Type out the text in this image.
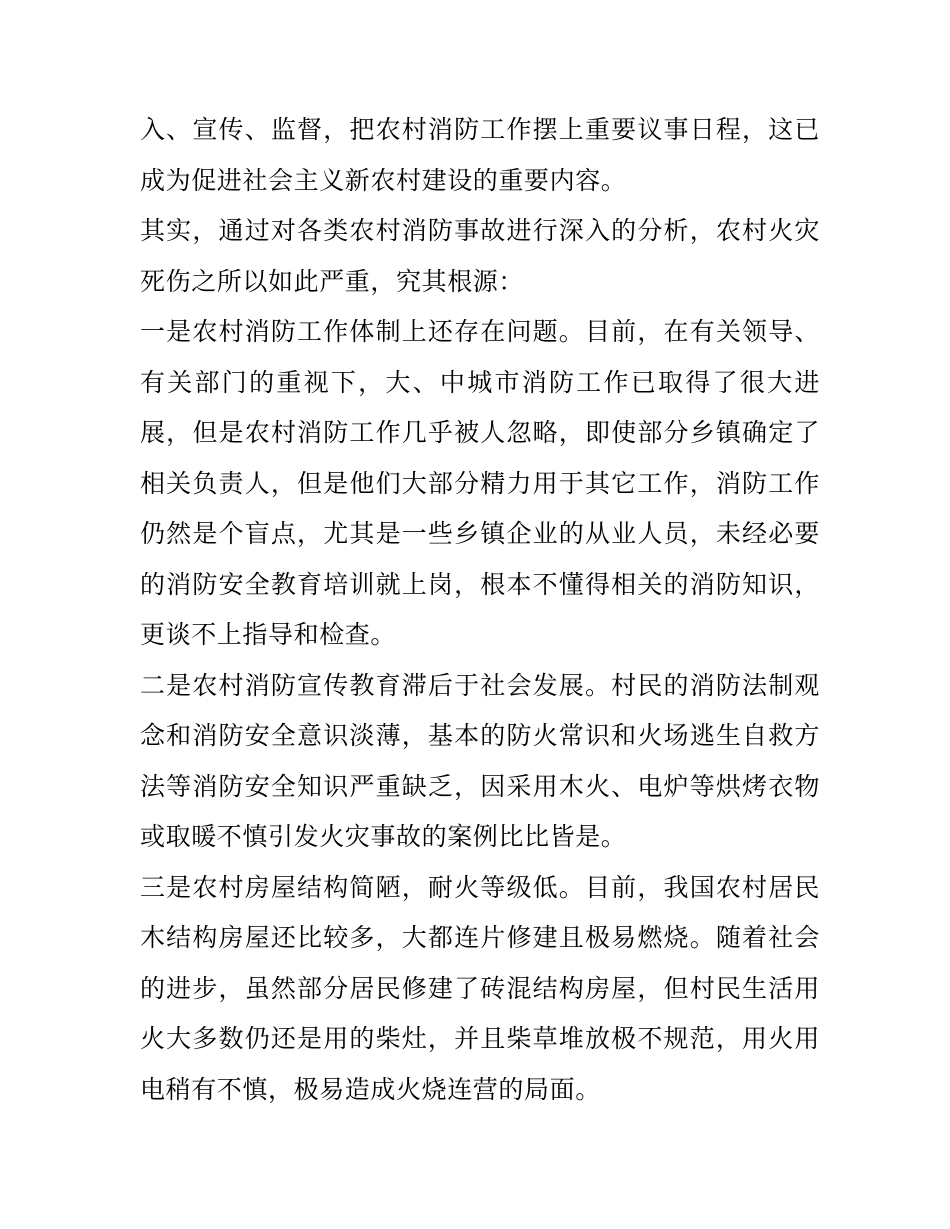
入、宣传、监督，把农村消防工作摆上重要议事日程，这已成为促进社会主义新农村建设的重要内容。

其实，通过对各类农村消防事故进行深入的分析，农村火灾死伤之所以如此严重，究其根源：

一是农村消防工作体制上还存在问题。目前，在有关领导、有关部门的重视下，大、中城市消防工作已取得了很大进展，但是农村消防工作几乎被人忽略，即使部分乡镇确定了相关负责人，但是他们大部分精力用于其它工作，消防工作仍然是个盲点，尤其是一些乡镇企业的从业人员，未经必要的消防安全教育培训就上岗，根本不懂得相关的消防知识，更谈不上指导和检查。

二是农村消防宣传教育滞后于社会发展。村民的消防法制观念和消防安全意识淡薄，基本的防火常识和火场逃生自救方法等消防安全知识严重缺乏，因采用木火、电炉等烘烤衣物或取暖不慎引发火灾事故的案例比比皆是。

三是农村房屋结构简陋，耐火等级低。目前，我国农村居民木结构房屋还比较多，大都连片修建且极易燃烧。随着社会的进步，虽然部分居民修建了砖混结构房屋，但村民生活用火大多数仍还是用的柴灶，并且柴草堆放极不规范，用火用电稍有不慎，极易造成火烧连营的局面。
